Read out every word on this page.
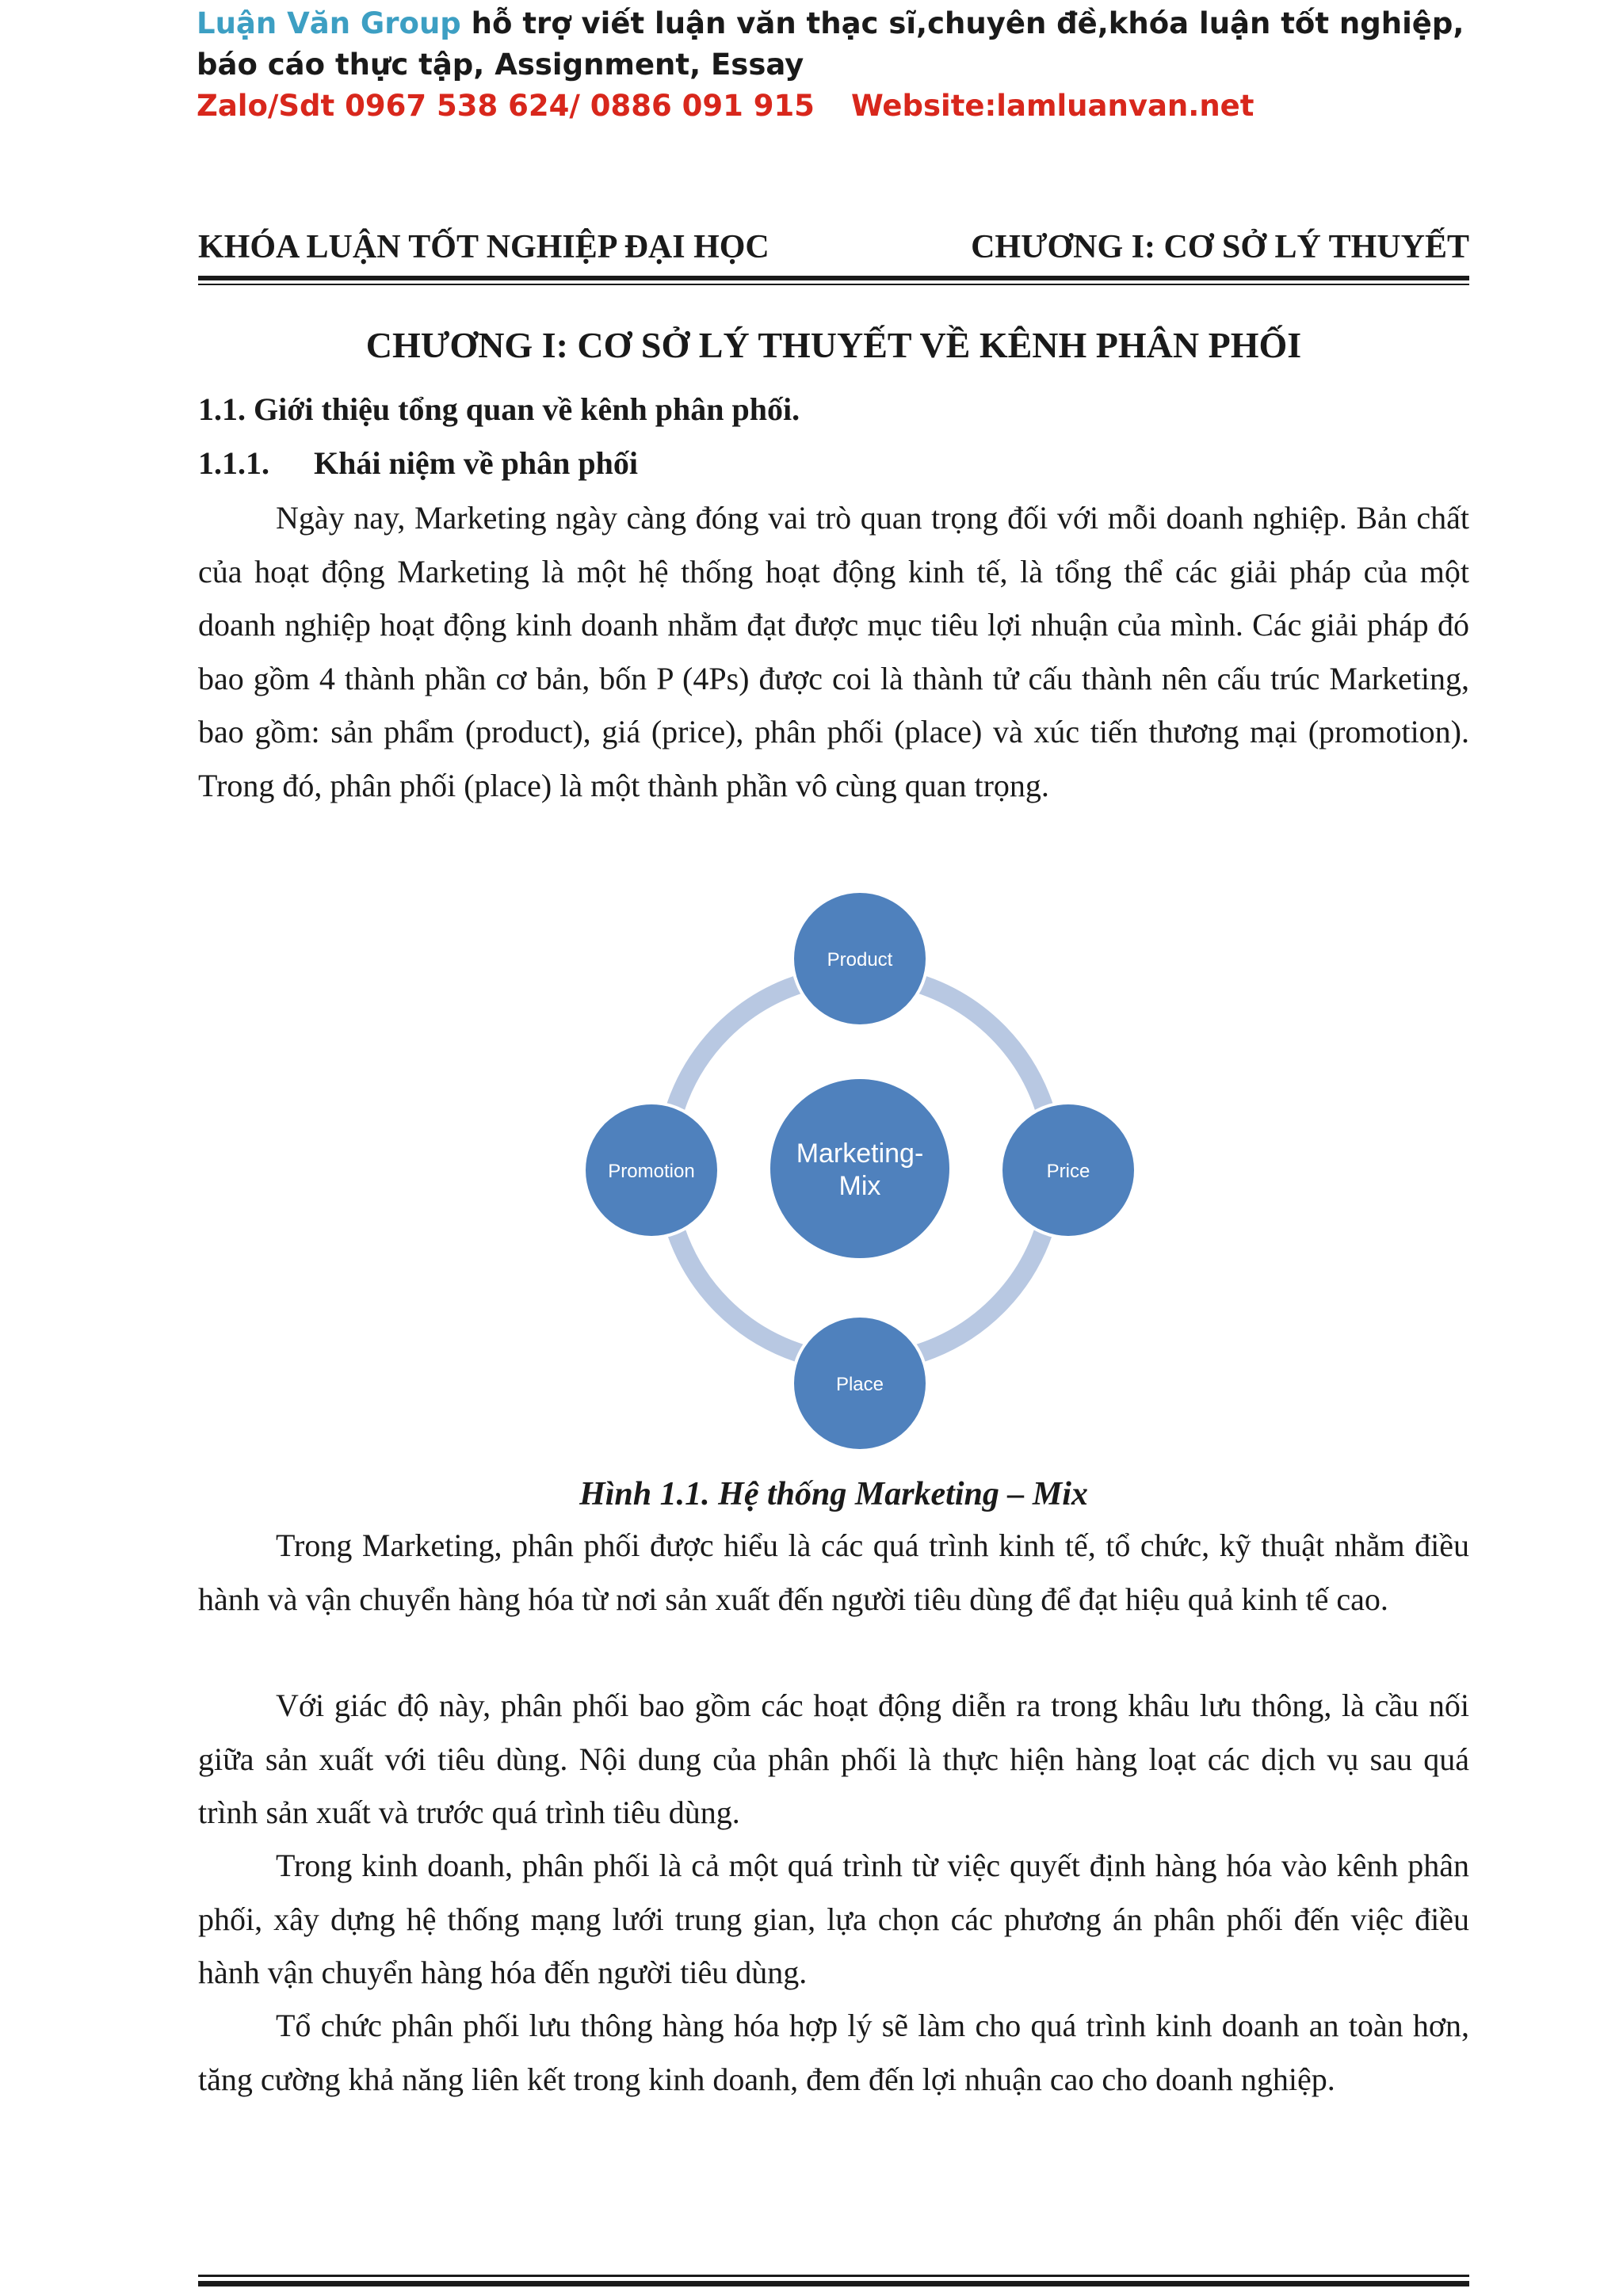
Luận Văn Group hỗ trợ viết luận văn thạc sĩ,chuyên đề,khóa luận tốt nghiệp, báo cáo thực tập, Assignment, Essay
Zalo/Sdt 0967 538 624/ 0886 091 915 Website:lamluanvan.net
KHÓA LUẬN TỐT NGHIỆP ĐẠI HỌC	CHƯƠNG I: CƠ SỞ LÝ THUYẾT
CHƯƠNG I: CƠ SỞ LÝ THUYẾT VỀ KÊNH PHÂN PHỐI
1.1. Giới thiệu tổng quan về kênh phân phối.
1.1.1. Khái niệm về phân phối

Ngày nay, Marketing ngày càng đóng vai trò quan trọng đối với mỗi doanh nghiệp. Bản chất của hoạt động Marketing là một hệ thống hoạt động kinh tế, là tổng thể các giải pháp của một doanh nghiệp hoạt động kinh doanh nhằm đạt được mục tiêu lợi nhuận của mình. Các giải pháp đó bao gồm 4 thành phần cơ bản, bốn P (4Ps) được coi là thành tử cấu thành nên cấu trúc Marketing, bao gồm: sản phẩm (product), giá (price), phân phối (place) và xúc tiến thương mại (promotion). Trong đó, phân phối (place) là một thành phần vô cùng quan trọng.

Marketing-
Mix
Product
Price
Place
Promotion
Hình 1.1. Hệ thống Marketing – Mix

Trong Marketing, phân phối được hiểu là các quá trình kinh tế, tổ chức, kỹ thuật nhằm điều hành và vận chuyển hàng hóa từ nơi sản xuất đến người tiêu dùng để đạt hiệu quả kinh tế cao.

Với giác độ này, phân phối bao gồm các hoạt động diễn ra trong khâu lưu thông, là cầu nối giữa sản xuất với tiêu dùng. Nội dung của phân phối là thực hiện hàng loạt các dịch vụ sau quá trình sản xuất và trước quá trình tiêu dùng.

Trong kinh doanh, phân phối là cả một quá trình từ việc quyết định hàng hóa vào kênh phân phối, xây dựng hệ thống mạng lưới trung gian, lựa chọn các phương án phân phối đến việc điều hành vận chuyển hàng hóa đến người tiêu dùng.

Tổ chức phân phối lưu thông hàng hóa hợp lý sẽ làm cho quá trình kinh doanh an toàn hơn, tăng cường khả năng liên kết trong kinh doanh, đem đến lợi nhuận cao cho doanh nghiệp.
